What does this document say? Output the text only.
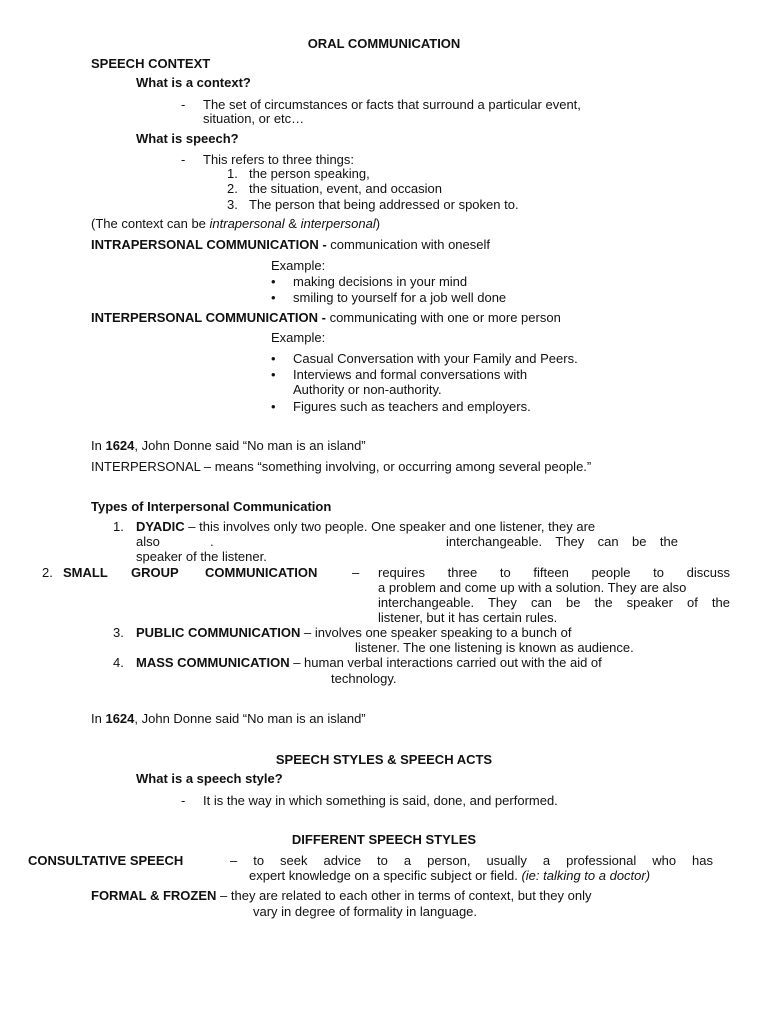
ORAL COMMUNICATION
SPEECH CONTEXT
What is a context?
- The set of circumstances or facts that surround a particular event,
situation, or etc…
What is speech?
- This refers to three things:
1. the person speaking,
2. the situation, event, and occasion
3. The person that being addressed or spoken to.
(The context can be intrapersonal & interpersonal)
INTRAPERSONAL COMMUNICATION - communication with oneself
Example:
• making decisions in your mind
• smiling to yourself for a job well done
INTERPERSONAL COMMUNICATION - communicating with one or more person
Example:
• Casual Conversation with your Family and Peers.
• Interviews and formal conversations with
Authority or non-authority.
• Figures such as teachers and employers.
In 1624, John Donne said “No man is an island”
INTERPERSONAL – means “something involving, or occurring among several people.”
Types of Interpersonal Communication
1. DYADIC – this involves only two people. One speaker and one listener, they are
also	.	interchangeable. They can be the
speaker of the listener.
2. SMALL GROUP COMMUNICATION	– requires three to fifteen people to discuss
a problem and come up with a solution. They are also
interchangeable. They can be the speaker of the
listener, but it has certain rules.
3. PUBLIC COMMUNICATION – involves one speaker speaking to a bunch of
listener. The one listening is known as audience.
4. MASS COMMUNICATION – human verbal interactions carried out with the aid of
technology.
In 1624, John Donne said “No man is an island”
SPEECH STYLES & SPEECH ACTS
What is a speech style?
- It is the way in which something is said, done, and performed.
DIFFERENT SPEECH STYLES
CONSULTATIVE SPEECH	– to seek advice to a person, usually a professional who has
expert knowledge on a specific subject or field. (ie: talking to a doctor)
FORMAL & FROZEN – they are related to each other in terms of context, but they only
vary in degree of formality in language.
